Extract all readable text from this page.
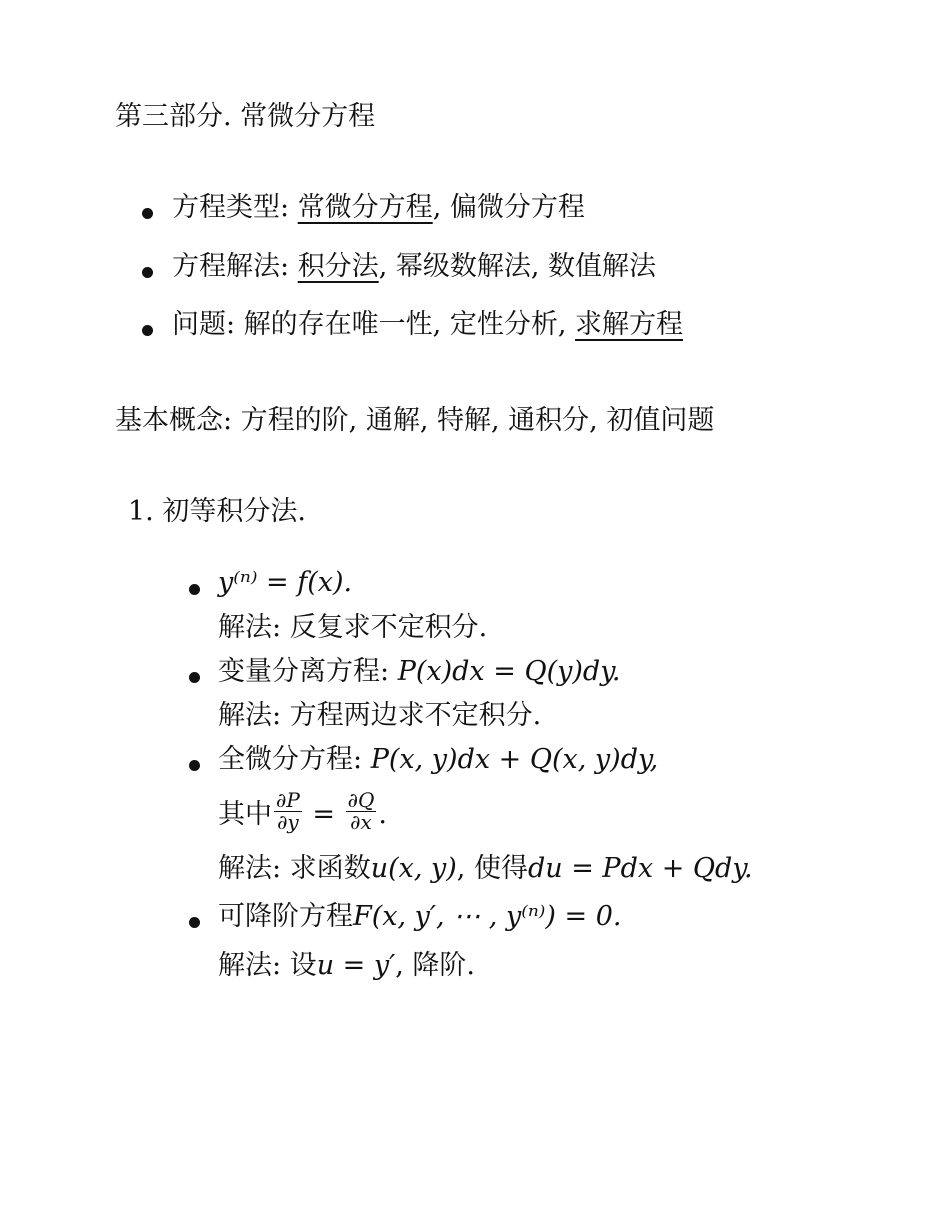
第三部分. 常微分方程
方程类型: 常微分方程, 偏微分方程
方程解法: 积分法, 幂级数解法, 数值解法
问题: 解的存在唯一性, 定性分析, 求解方程
基本概念: 方程的阶, 通解, 特解, 通积分, 初值问题
1. 初等积分法.
y⁽ⁿ⁾ = f(x).
解法: 反复求不定积分.
变量分离方程: P(x)dx = Q(y)dy.
解法: 方程两边求不定积分.
全微分方程: P(x, y)dx + Q(x, y)dy,
其中 $\frac{\partial P}{\partial y} = \frac{\partial Q}{\partial x}$ .
解法: 求函数u(x, y), 使得du = Pdx + Qdy.
可降阶方程F(x, y′, ⋯ , y⁽ⁿ⁾) = 0.
解法: 设u = y′, 降阶.
